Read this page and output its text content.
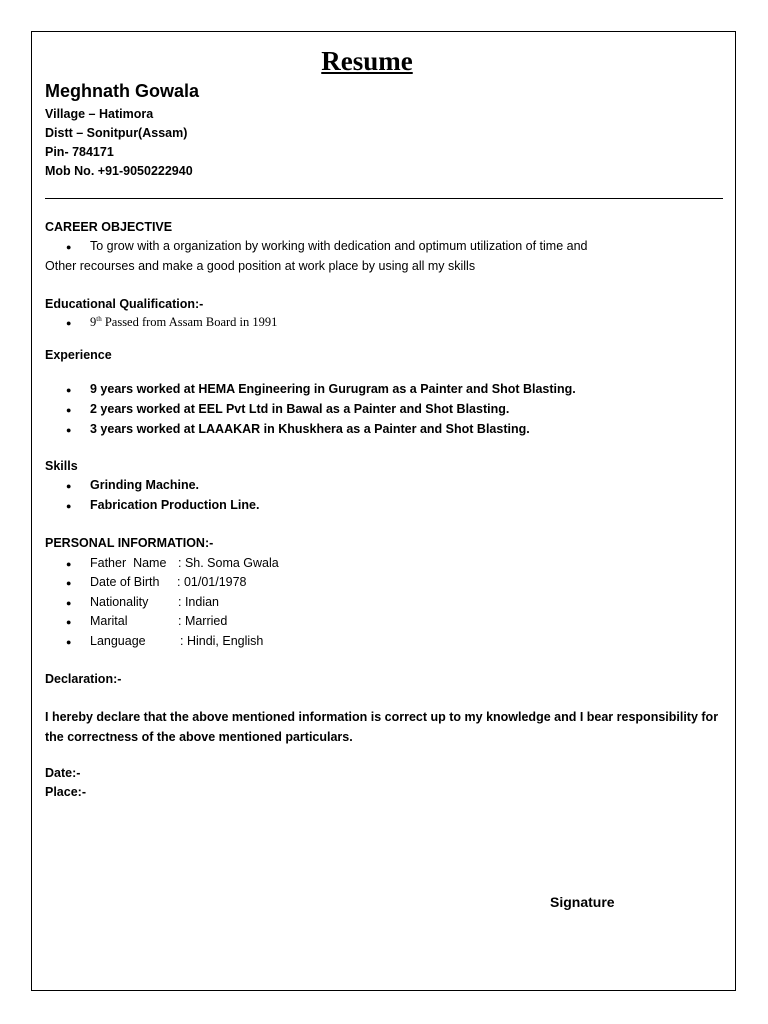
Resume
Meghnath Gowala
Village – Hatimora
Distt – Sonitpur(Assam)
Pin- 784171
Mob No. +91-9050222940
CAREER OBJECTIVE
● To grow with a organization by working with dedication and optimum utilization of time and
Other recourses and make a good position at work place by using all my skills
Educational Qualification:-
● 9th Passed from Assam Board in 1991
Experience
● 9 years worked at HEMA Engineering in Gurugram as a Painter and Shot Blasting.
● 2 years worked at EEL Pvt Ltd in Bawal as a Painter and Shot Blasting.
● 3 years worked at LAAAKAR in Khuskhera as a Painter and Shot Blasting.
Skills
● Grinding Machine.
● Fabrication Production Line.
PERSONAL INFORMATION:-
● Father  Name : Sh. Soma Gwala
● Date of Birth : 01/01/1978
● Nationality : Indian
● Marital	: Married
● Language	: Hindi, English
Declaration:-
I hereby declare that the above mentioned information is correct up to my knowledge and I bear responsibility for the correctness of the above mentioned particulars.
Date:-
Place:-
Signature
